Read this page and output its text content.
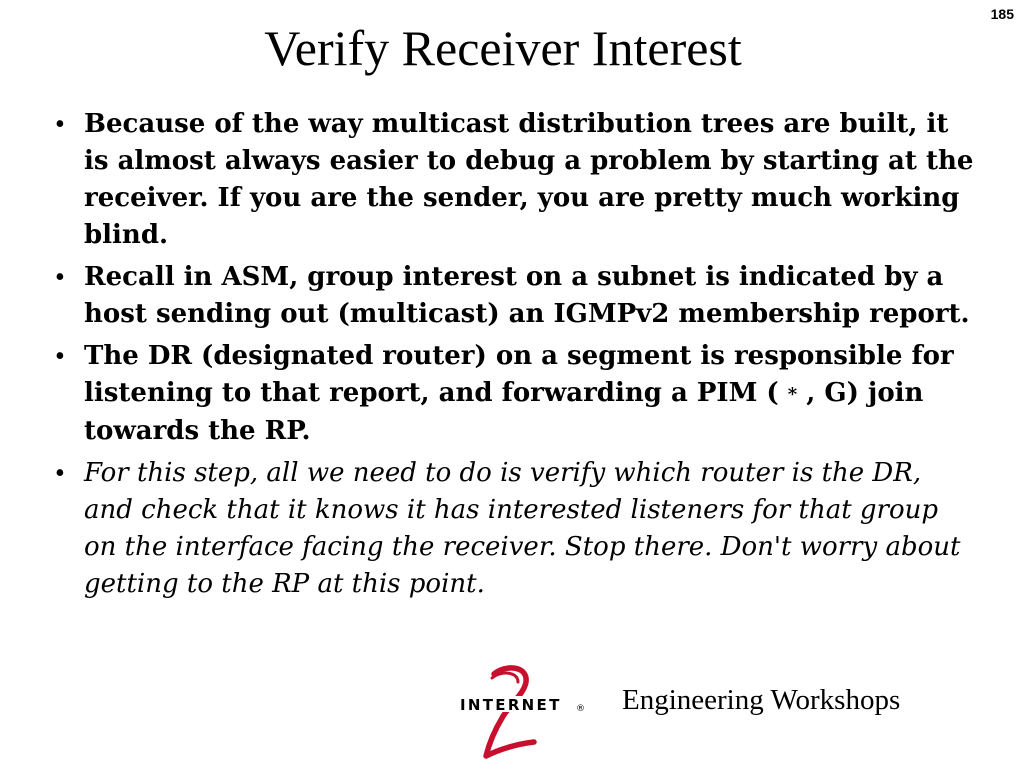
185
Verify Receiver Interest
• Because of the way multicast distribution trees are built, it is almost always easier to debug a problem by starting at the receiver. If you are the sender, you are pretty much working blind.
• Recall in ASM, group interest on a subnet is indicated by a host sending out (multicast) an IGMPv2 membership report.
• The DR (designated router) on a segment is responsible for listening to that report, and forwarding a PIM ( * , G) join towards the RP.
• For this step, all we need to do is verify which router is the DR, and check that it knows it has interested listeners for that group on the interface facing the receiver. Stop there. Don't worry about getting to the RP at this point.
INTERNET ® Engineering Workshops
